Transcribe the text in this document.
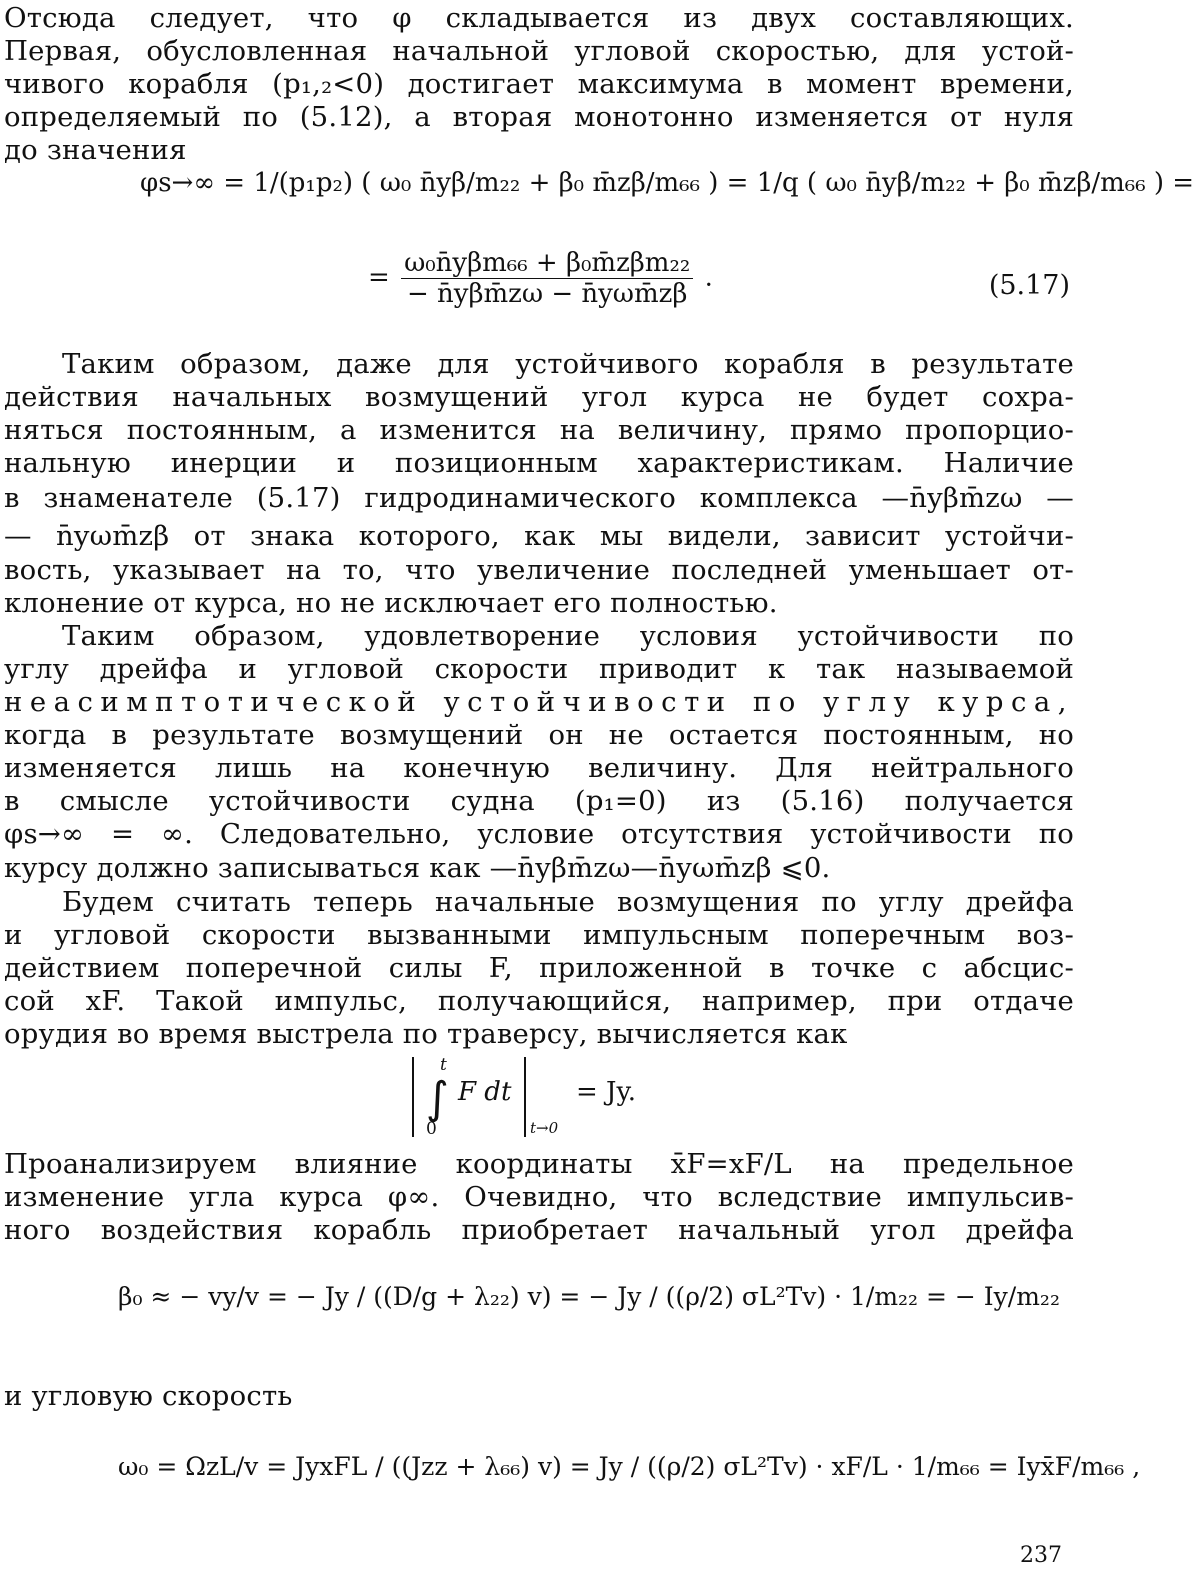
Отсюда следует, что φ складывается из двух составляющих.
Первая, обусловленная начальной угловой скоростью, для устой-
чивого корабля (p₁,₂<0) достигает максимума в момент времени,
определяемый по (5.12), а вторая монотонно изменяется от нуля
до значения
φs→∞ = 1/(p₁p₂) ( ω₀ n̄yβ/m₂₂ + β₀ m̄zβ/m₆₆ ) = 1/q ( ω₀ n̄yβ/m₂₂ + β₀ m̄zβ/m₆₆ ) =
= $\frac{\text{ω₀n̄yβm₆₆ + β₀m̄zβm₂₂}}{\text{− n̄yβm̄zω − n̄yωm̄zβ}}$ .	(5.17)
Таким образом, даже для устойчивого корабля в результате
действия начальных возмущений угол курса не будет сохра-
няться постоянным, а изменится на величину, прямо пропорцио-
нальную инерции и позиционным характеристикам. Наличие
в знаменателе (5.17) гидродинамического комплекса —n̄yβm̄zω —
— n̄yωm̄zβ от знака которого, как мы видели, зависит устойчи-
вость, указывает на то, что увеличение последней уменьшает от-
клонение от курса, но не исключает его полностью.
Таким образом, удовлетворение условия устойчивости по
углу дрейфа и угловой скорости приводит к так называемой
неасимптотической устойчивости по углу курса,
когда в результате возмущений он не остается постоянным, но
изменяется лишь на конечную величину. Для нейтрального
в смысле устойчивости судна (p₁=0) из (5.16) получается
φs→∞ = ∞. Следовательно, условие отсутствия устойчивости по
курсу должно записываться как —n̄yβm̄zω—n̄yωm̄zβ ⩽0.
Будем считать теперь начальные возмущения по углу дрейфа
и угловой скорости вызванными импульсным поперечным воз-
действием поперечной силы F, приложенной в точке с абсцис-
сой xF. Такой импульс, получающийся, например, при отдаче
орудия во время выстрела по траверсу, вычисляется как
∫
t
0
F dt
t→0
= Jy.
Проанализируем влияние координаты x̄F=xF/L на предельное
изменение угла курса φ∞. Очевидно, что вследствие импульсив-
ного воздействия корабль приобретает начальный угол дрейфа
β₀ ≈ − vy/v = − Jy / ((D/g + λ₂₂) v) = − Jy / ((ρ/2) σL²Tv) · 1/m₂₂ = − Iy/m₂₂
и угловую скорость
ω₀ = ΩzL/v = JyxFL / ((Jzz + λ₆₆) v) = Jy / ((ρ/2) σL²Tv) · xF/L · 1/m₆₆ = Iyx̄F/m₆₆ ,
237
